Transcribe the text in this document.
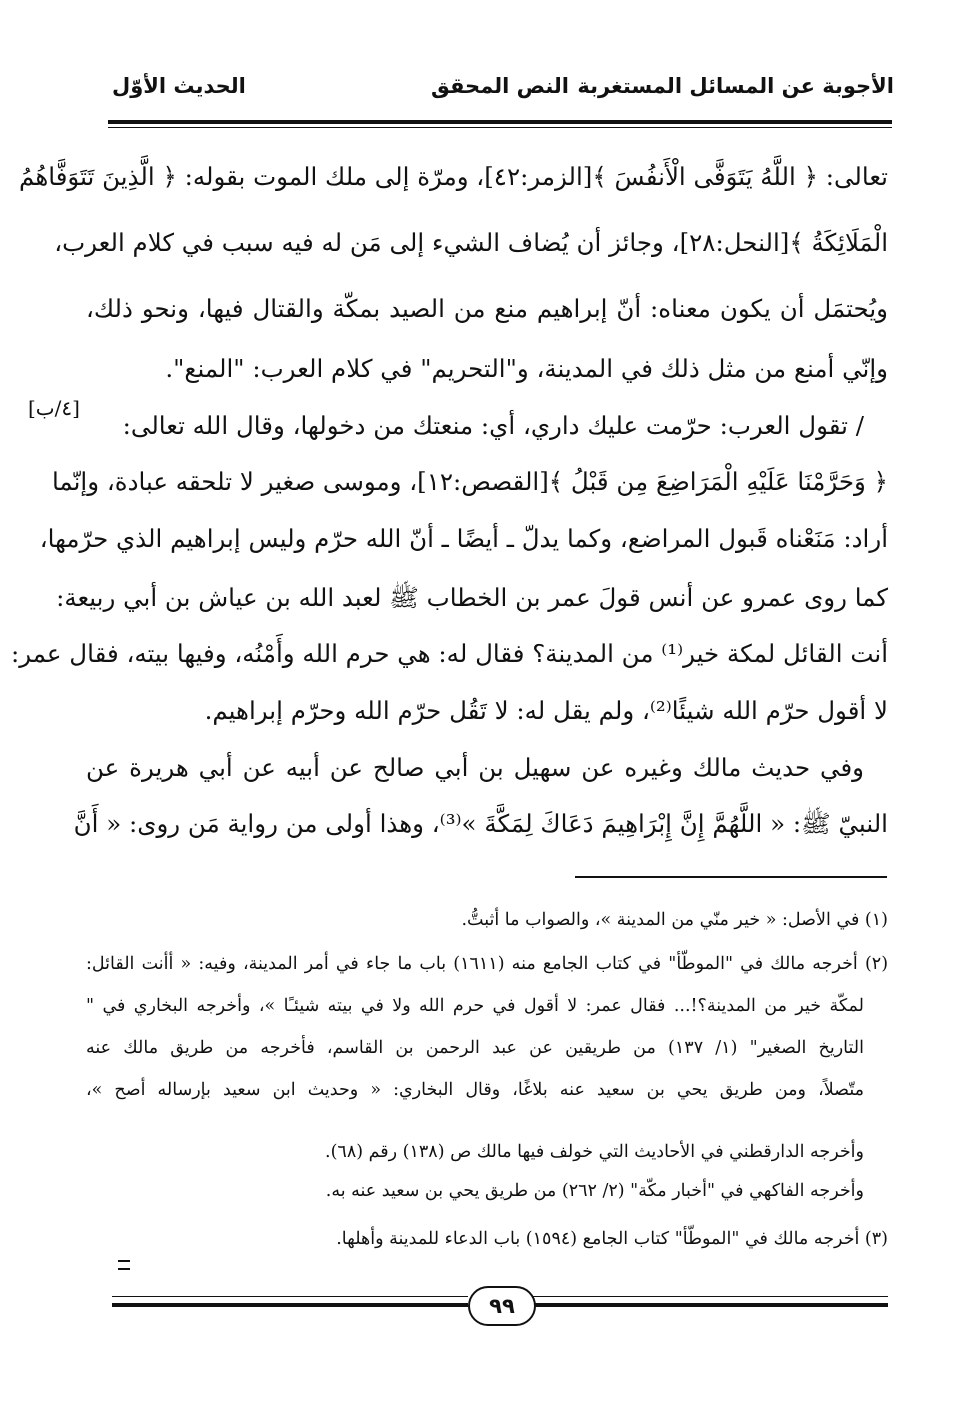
الأجوبة عن المسائل المستغربة
النص المحقق
الحديث الأوّل
[٤/ب]
تعالى: ﴿ اللَّهُ يَتَوَفَّى الْأَنفُسَ ﴾[الزمر:٤٢]، ومرّة إلى ملك الموت بقوله: ﴿ الَّذِينَ تَتَوَفَّاهُمُ
الْمَلَائِكَةُ ﴾[النحل:٢٨]، وجائز أن يُضاف الشيء إلى مَن له فيه سبب في كلام العرب،
ويُحتمَل أن يكون معناه: أنّ إبراهيم منع من الصيد بمكّة والقتال فيها، ونحو ذلك،
وإنّي أمنع من مثل ذلك في المدينة، و"التحريم" في كلام العرب: "المنع".
/ تقول العرب: حرّمت عليك داري، أي: منعتك من دخولها، وقال الله تعالى:
﴿ وَحَرَّمْنَا عَلَيْهِ الْمَرَاضِعَ مِن قَبْلُ ﴾[القصص:١٢]، وموسى صغير لا تلحقه عبادة، وإنّما
أراد: مَنَعْناه قَبول المراضع، وكما يدلّ ـ أيضًا ـ أنّ الله حرّم وليس إبراهيم الذي حرّمها،
كما روى عمرو عن أنس قولَ عمر بن الخطاب ﷺ لعبد الله بن عياش بن أبي ربيعة:
أنت القائل لمكة خير⁽¹⁾ من المدينة؟ فقال له: هي حرم الله وأَمْنُه، وفيها بيته، فقال عمر:
لا أقول حرّم الله شيئًا⁽²⁾، ولم يقل له: لا تَقُل حرّم الله وحرّم إبراهيم.
وفي حديث مالك وغيره عن سهيل بن أبي صالح عن أبيه عن أبي هريرة عن
النبيّ ﷺ: « اللَّهُمَّ إِنَّ إِبْرَاهِيمَ دَعَاكَ لِمَكَّةَ »⁽³⁾، وهذا أولى من رواية مَن روى: « أَنَّ
(١) في الأصل: « خير منّي من المدينة »، والصواب ما أثبتُّ.
(٢) أخرجه مالك في "الموطّأ" في كتاب الجامع منه (١٦١١) باب ما جاء في أمر المدينة، وفيه: « أأنت القائل:
لمكّة خير من المدينة؟!... فقال عمر: لا أقول في حرم الله ولا في بيته شيئـًا »، وأخرجه البخاري في "
التاريخ الصغير" (١/ ١٣٧) من طريقين عن عبد الرحمن بن القاسم، فأخرجه من طريق مالك عنه
متّصلاً، ومن طريق يحي بن سعيد عنه بلاغًا، وقال البخاري: « وحديث ابن سعيد بإرساله أصح »،
وأخرجه الدارقطني في الأحاديث التي خولف فيها مالك ص (١٣٨) رقم (٦٨).
وأخرجه الفاكهي في "أخبار مكّة" (٢/ ٢٦٢) من طريق يحي بن سعيد عنه به.
(٣) أخرجه مالك في "الموطّأ" كتاب الجامع (١٥٩٤) باب الدعاء للمدينة وأهلها.
٩٩
